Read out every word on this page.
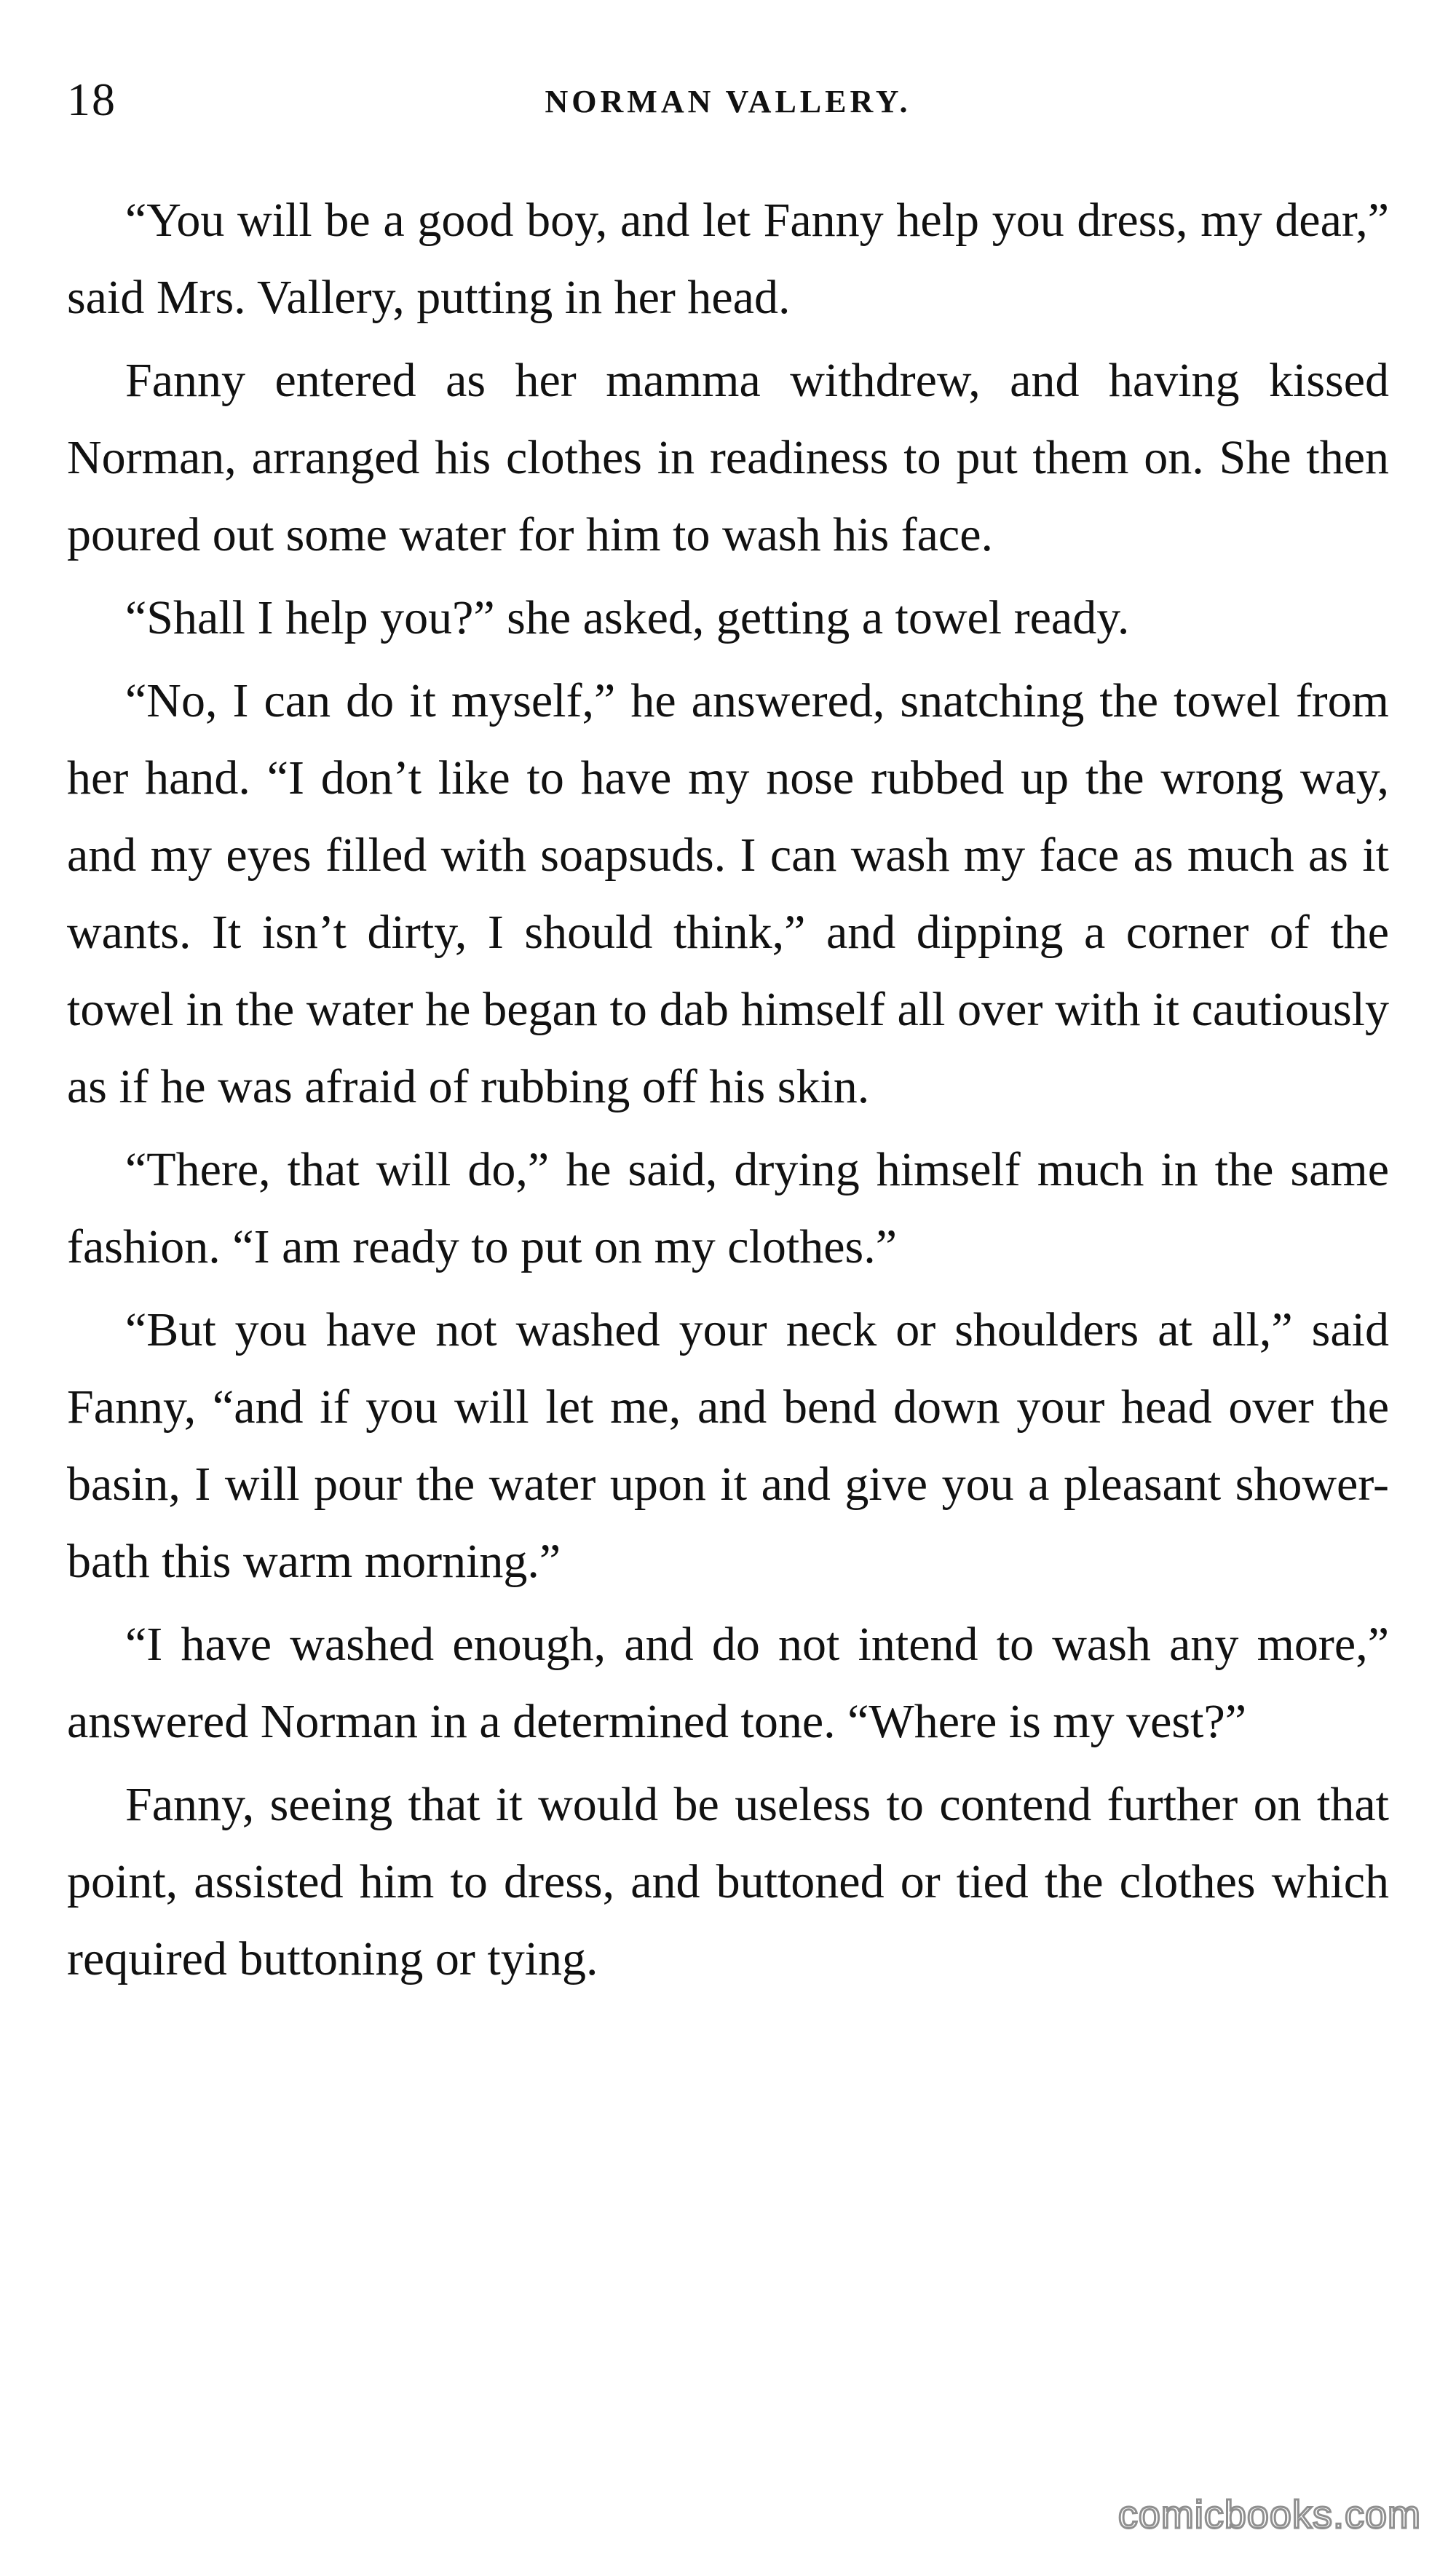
18	NORMAN VALLERY.

“You will be a good boy, and let Fanny help you dress, my dear,” said Mrs. Vallery, putting in her head.

Fanny entered as her mamma withdrew, and having kissed Norman, arranged his clothes in readiness to put them on. She then poured out some water for him to wash his face.

“Shall I help you?” she asked, getting a towel ready.

“No, I can do it myself,” he answered, snatching the towel from her hand. “I don’t like to have my nose rubbed up the wrong way, and my eyes filled with soapsuds. I can wash my face as much as it wants. It isn’t dirty, I should think,” and dipping a corner of the towel in the water he began to dab himself all over with it cautiously as if he was afraid of rubbing off his skin.

“There, that will do,” he said, drying himself much in the same fashion. “I am ready to put on my clothes.”

“But you have not washed your neck or shoulders at all,” said Fanny, “and if you will let me, and bend down your head over the basin, I will pour the water upon it and give you a pleasant shower-bath this warm morning.”

“I have washed enough, and do not intend to wash any more,” answered Norman in a determined tone. “Where is my vest?”

Fanny, seeing that it would be useless to contend further on that point, assisted him to dress, and buttoned or tied the clothes which required buttoning or tying.

comicbooks.com
